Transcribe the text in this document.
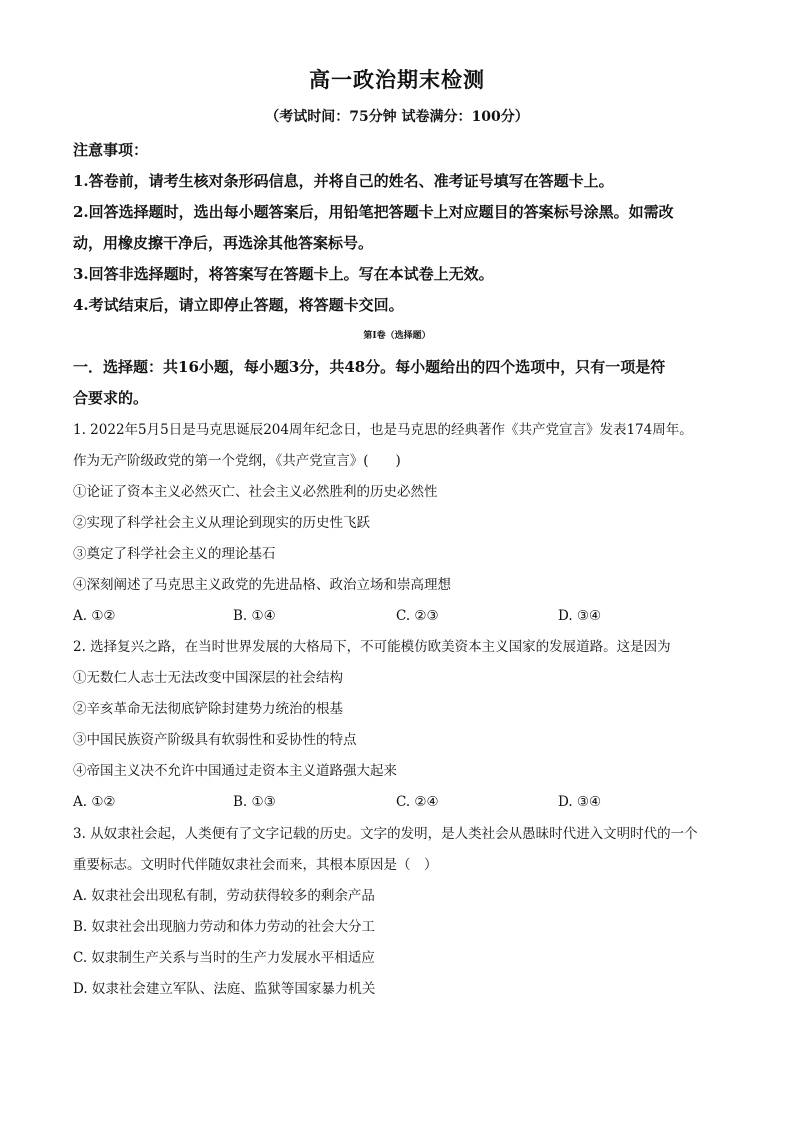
高一政治期末检测
（考试时间：75分钟 试卷满分：100分）
注意事项：
1.答卷前，请考生核对条形码信息，并将自己的姓名、准考证号填写在答题卡上。
2.回答选择题时，选出每小题答案后，用铅笔把答题卡上对应题目的答案标号涂黑。如需改
动，用橡皮擦干净后，再选涂其他答案标号。
3.回答非选择题时，将答案写在答题卡上。写在本试卷上无效。
4.考试结束后，请立即停止答题，将答题卡交回。
第Ⅰ卷（选择题）
一．选择题：共16小题，每小题3分，共48分。每小题给出的四个选项中，只有一项是符
合要求的。
1. 2022年5月5日是马克思诞辰204周年纪念日，也是马克思的经典著作《共产党宣言》发表174周年。
作为无产阶级政党的第一个党纲，《共产党宣言》(　　)
①论证了资本主义必然灭亡、社会主义必然胜利的历史必然性
②实现了科学社会主义从理论到现实的历史性飞跃
③奠定了科学社会主义的理论基石
④深刻阐述了马克思主义政党的先进品格、政治立场和崇高理想
A. ①②	B. ①④	C. ②③	D. ③④
2. 选择复兴之路，在当时世界发展的大格局下，不可能模仿欧美资本主义国家的发展道路。这是因为
①无数仁人志士无法改变中国深层的社会结构
②辛亥革命无法彻底铲除封建势力统治的根基
③中国民族资产阶级具有软弱性和妥协性的特点
④帝国主义决不允许中国通过走资本主义道路强大起来
A. ①②	B. ①③	C. ②④	D. ③④
3. 从奴隶社会起，人类便有了文字记载的历史。文字的发明，是人类社会从愚昧时代进入文明时代的一个
重要标志。文明时代伴随奴隶社会而来，其根本原因是（　）
A. 奴隶社会出现私有制，劳动获得较多的剩余产品
B. 奴隶社会出现脑力劳动和体力劳动的社会大分工
C. 奴隶制生产关系与当时的生产力发展水平相适应
D. 奴隶社会建立军队、法庭、监狱等国家暴力机关
